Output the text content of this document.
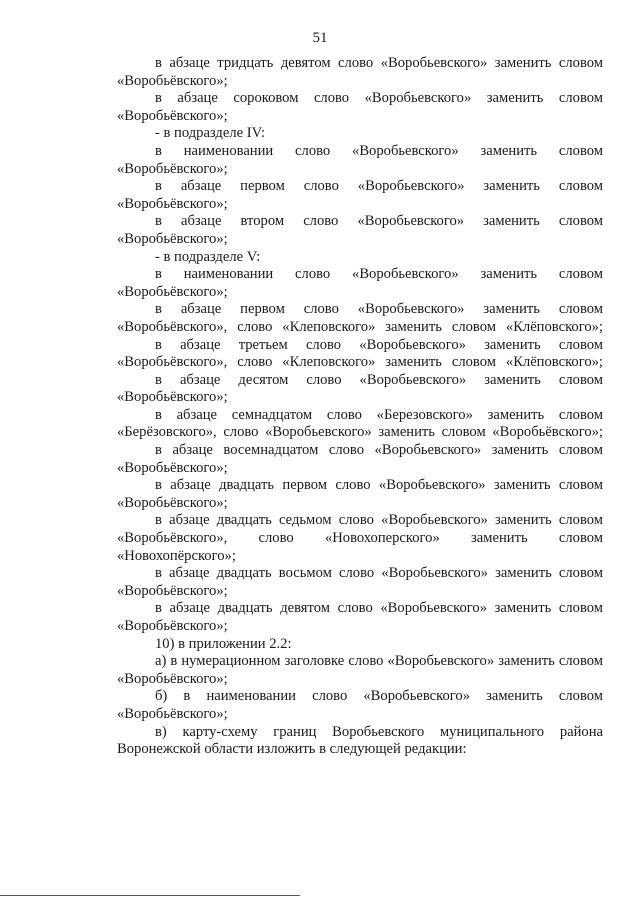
51

в абзаце тридцать девятом слово «Воробьевского» заменить словом «Воробьёвского»;

в абзаце сороковом слово «Воробьевского» заменить словом «Воробьёвского»;

- в подразделе IV:

в наименовании слово «Воробьевского» заменить словом «Воробьёвского»;

в абзаце первом слово «Воробьевского» заменить словом «Воробьёвского»;

в абзаце втором слово «Воробьевского» заменить словом «Воробьёвского»;

- в подразделе V:

в наименовании слово «Воробьевского» заменить словом «Воробьёвского»;

в абзаце первом слово «Воробьевского» заменить словом «Воробьёвского», слово «Клеповского» заменить словом «Клёповского»;

в абзаце третьем слово «Воробьевского» заменить словом «Воробьёвского», слово «Клеповского» заменить словом «Клёповского»;

в абзаце десятом слово «Воробьевского» заменить словом «Воробьёвского»;

в абзаце семнадцатом слово «Березовского» заменить словом «Берёзовского», слово «Воробьевского» заменить словом «Воробьёвского»;

в абзаце восемнадцатом слово «Воробьевского» заменить словом «Воробьёвского»;

в абзаце двадцать первом слово «Воробьевского» заменить словом «Воробьёвского»;

в абзаце двадцать седьмом слово «Воробьевского» заменить словом «Воробьёвского», слово «Новохоперского» заменить словом «Новохопёрского»;

в абзаце двадцать восьмом слово «Воробьевского» заменить словом «Воробьёвского»;

в абзаце двадцать девятом слово «Воробьевского» заменить словом «Воробьёвского»;

10) в приложении 2.2:

а) в нумерационном заголовке слово «Воробьевского» заменить словом «Воробьёвского»;

б) в наименовании слово «Воробьевского» заменить словом «Воробьёвского»;

в) карту-схему границ Воробьевского муниципального района Воронежской области изложить в следующей редакции:
